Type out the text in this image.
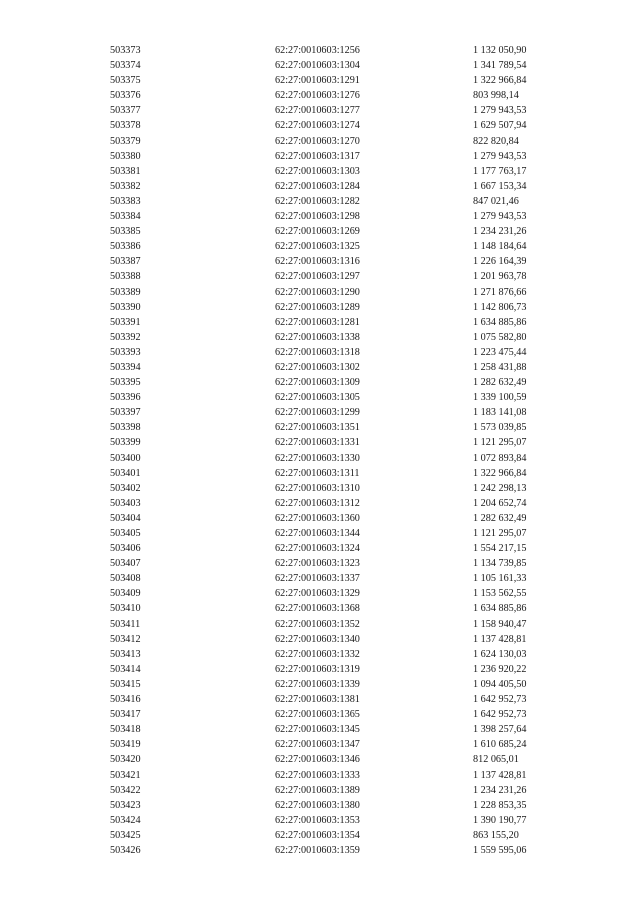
503373	62:27:0010603:1256	1 132 050,90
503374	62:27:0010603:1304	1 341 789,54
503375	62:27:0010603:1291	1 322 966,84
503376	62:27:0010603:1276	803 998,14
503377	62:27:0010603:1277	1 279 943,53
503378	62:27:0010603:1274	1 629 507,94
503379	62:27:0010603:1270	822 820,84
503380	62:27:0010603:1317	1 279 943,53
503381	62:27:0010603:1303	1 177 763,17
503382	62:27:0010603:1284	1 667 153,34
503383	62:27:0010603:1282	847 021,46
503384	62:27:0010603:1298	1 279 943,53
503385	62:27:0010603:1269	1 234 231,26
503386	62:27:0010603:1325	1 148 184,64
503387	62:27:0010603:1316	1 226 164,39
503388	62:27:0010603:1297	1 201 963,78
503389	62:27:0010603:1290	1 271 876,66
503390	62:27:0010603:1289	1 142 806,73
503391	62:27:0010603:1281	1 634 885,86
503392	62:27:0010603:1338	1 075 582,80
503393	62:27:0010603:1318	1 223 475,44
503394	62:27:0010603:1302	1 258 431,88
503395	62:27:0010603:1309	1 282 632,49
503396	62:27:0010603:1305	1 339 100,59
503397	62:27:0010603:1299	1 183 141,08
503398	62:27:0010603:1351	1 573 039,85
503399	62:27:0010603:1331	1 121 295,07
503400	62:27:0010603:1330	1 072 893,84
503401	62:27:0010603:1311	1 322 966,84
503402	62:27:0010603:1310	1 242 298,13
503403	62:27:0010603:1312	1 204 652,74
503404	62:27:0010603:1360	1 282 632,49
503405	62:27:0010603:1344	1 121 295,07
503406	62:27:0010603:1324	1 554 217,15
503407	62:27:0010603:1323	1 134 739,85
503408	62:27:0010603:1337	1 105 161,33
503409	62:27:0010603:1329	1 153 562,55
503410	62:27:0010603:1368	1 634 885,86
503411	62:27:0010603:1352	1 158 940,47
503412	62:27:0010603:1340	1 137 428,81
503413	62:27:0010603:1332	1 624 130,03
503414	62:27:0010603:1319	1 236 920,22
503415	62:27:0010603:1339	1 094 405,50
503416	62:27:0010603:1381	1 642 952,73
503417	62:27:0010603:1365	1 642 952,73
503418	62:27:0010603:1345	1 398 257,64
503419	62:27:0010603:1347	1 610 685,24
503420	62:27:0010603:1346	812 065,01
503421	62:27:0010603:1333	1 137 428,81
503422	62:27:0010603:1389	1 234 231,26
503423	62:27:0010603:1380	1 228 853,35
503424	62:27:0010603:1353	1 390 190,77
503425	62:27:0010603:1354	863 155,20
503426	62:27:0010603:1359	1 559 595,06
